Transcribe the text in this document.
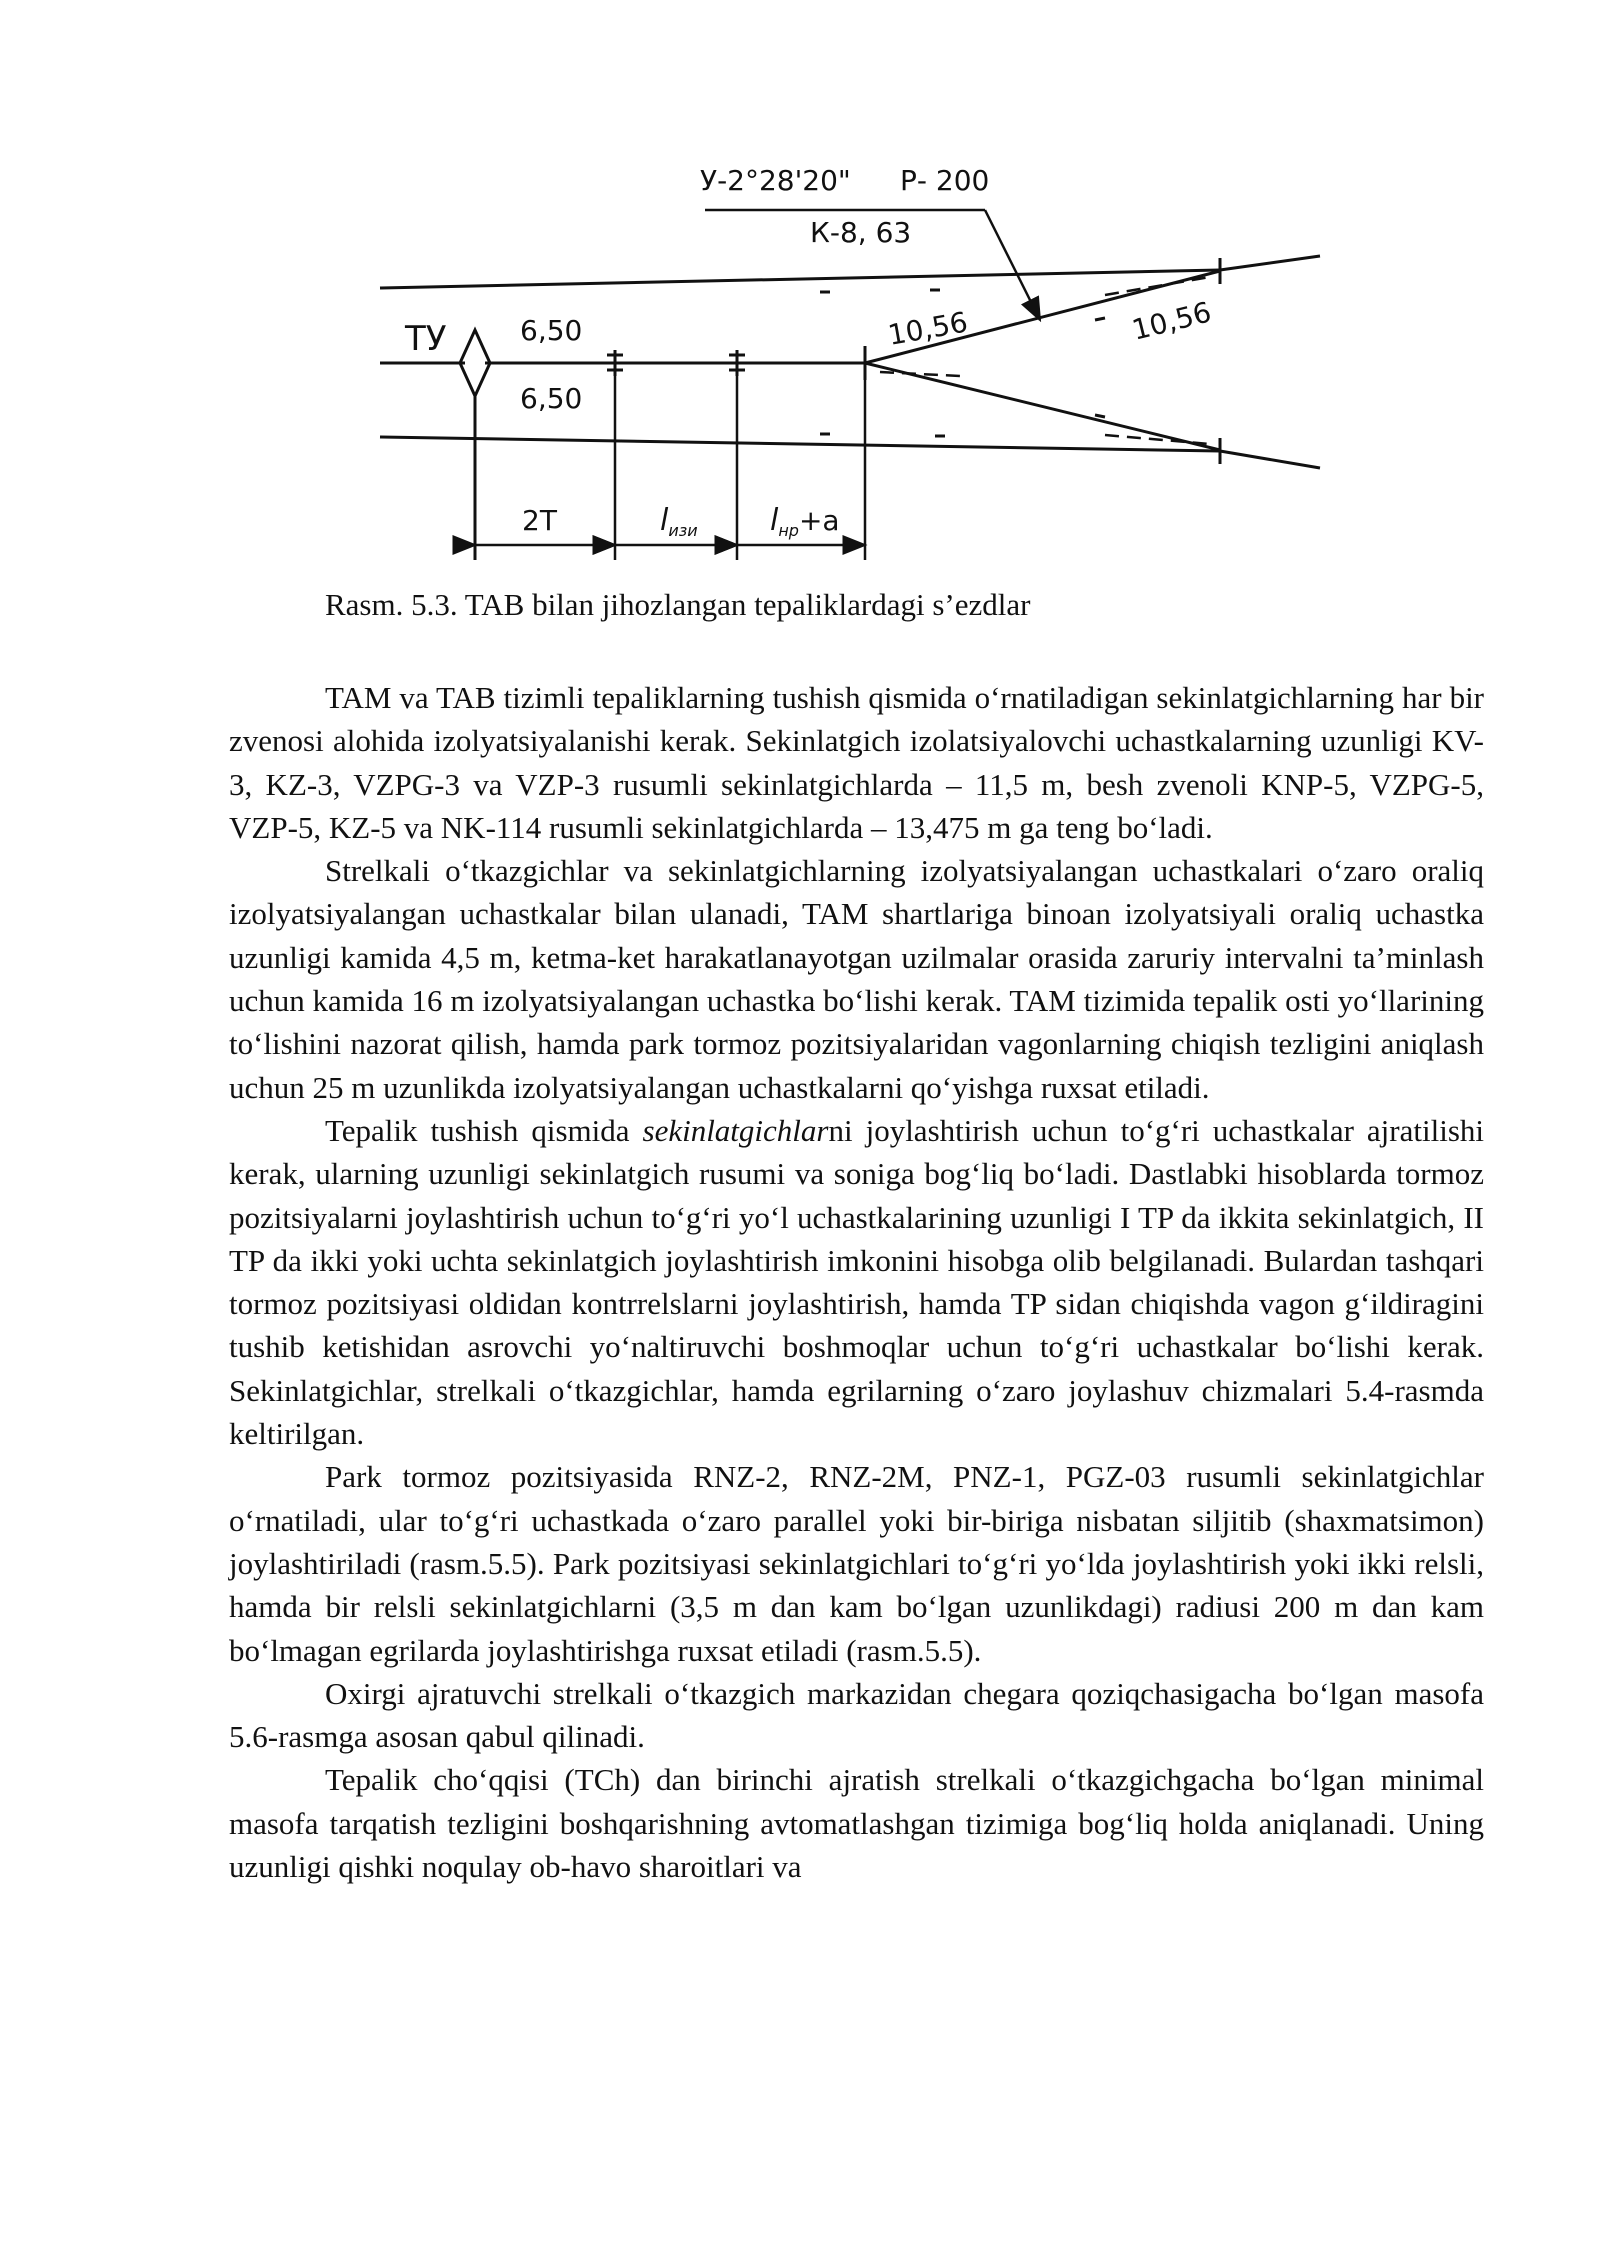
У-2°28'20" Р- 200
К-8, 63
ТУ	6,50
6,50
10,56	10,56
2Т	$l_{изи}$ $l_{нр}+a$
Rasm. 5.3. TAB bilan jihozlangan tepaliklardagi s’ezdlar

TAM va TAB tizimli tepaliklarning tushish qismida o‘rnatiladigan sekinlatgichlarning har bir zvenosi alohida izolyatsiyalanishi kerak. Sekinlatgich izolatsiyalovchi uchastkalarning uzunligi KV-3, KZ-3, VZPG-3 va VZP-3 rusumli sekinlatgichlarda – 11,5 m, besh zvenoli KNP-5, VZPG-5, VZP-5, KZ-5 va NK-114 rusumli sekinlatgichlarda – 13,475 m ga teng bo‘ladi.

Strelkali o‘tkazgichlar va sekinlatgichlarning izolyatsiyalangan uchastkalari o‘zaro oraliq izolyatsiyalangan uchastkalar bilan ulanadi, TAM shartlariga binoan izolyatsiyali oraliq uchastka uzunligi kamida 4,5 m, ketma-ket harakatlanayotgan uzilmalar orasida zaruriy intervalni ta’minlash uchun kamida 16 m izolyatsiyalangan uchastka bo‘lishi kerak. TAM tizimida tepalik osti yo‘llarining to‘lishini nazorat qilish, hamda park tormoz pozitsiyalaridan vagonlarning chiqish tezligini aniqlash uchun 25 m uzunlikda izolyatsiyalangan uchastkalarni qo‘yishga ruxsat etiladi.

Tepalik tushish qismida sekinlatgichlarni joylashtirish uchun to‘g‘ri uchastkalar ajratilishi kerak, ularning uzunligi sekinlatgich rusumi va soniga bog‘liq bo‘ladi. Dastlabki hisoblarda tormoz pozitsiyalarni joylashtirish uchun to‘g‘ri yo‘l uchastkalarining uzunligi I TP da ikkita sekinlatgich, II TP da ikki yoki uchta sekinlatgich joylashtirish imkonini hisobga olib belgilanadi. Bulardan tashqari tormoz pozitsiyasi oldidan kontrrelslarni joylashtirish, hamda TP sidan chiqishda vagon g‘ildiragini tushib ketishidan asrovchi yo‘naltiruvchi boshmoqlar uchun to‘g‘ri uchastkalar bo‘lishi kerak. Sekinlatgichlar, strelkali o‘tkazgichlar, hamda egrilarning o‘zaro joylashuv chizmalari 5.4-rasmda keltirilgan.

Park tormoz pozitsiyasida RNZ-2, RNZ-2M, PNZ-1, PGZ-03 rusumli sekinlatgichlar o‘rnatiladi, ular to‘g‘ri uchastkada o‘zaro parallel yoki bir-biriga nisbatan siljitib (shaxmatsimon) joylashtiriladi (rasm.5.5). Park pozitsiyasi sekinlatgichlari to‘g‘ri yo‘lda joylashtirish yoki ikki relsli, hamda bir relsli sekinlatgichlarni (3,5 m dan kam bo‘lgan uzunlikdagi) radiusi 200 m dan kam bo‘lmagan egrilarda joylashtirishga ruxsat etiladi (rasm.5.5).

Oxirgi ajratuvchi strelkali o‘tkazgich markazidan chegara qoziqchasigacha bo‘lgan masofa 5.6-rasmga asosan qabul qilinadi.

Tepalik cho‘qqisi (TCh) dan birinchi ajratish strelkali o‘tkazgichgacha bo‘lgan minimal masofa tarqatish tezligini boshqarishning avtomatlashgan tizimiga bog‘liq holda aniqlanadi. Uning uzunligi qishki noqulay ob-havo sharoitlari va
